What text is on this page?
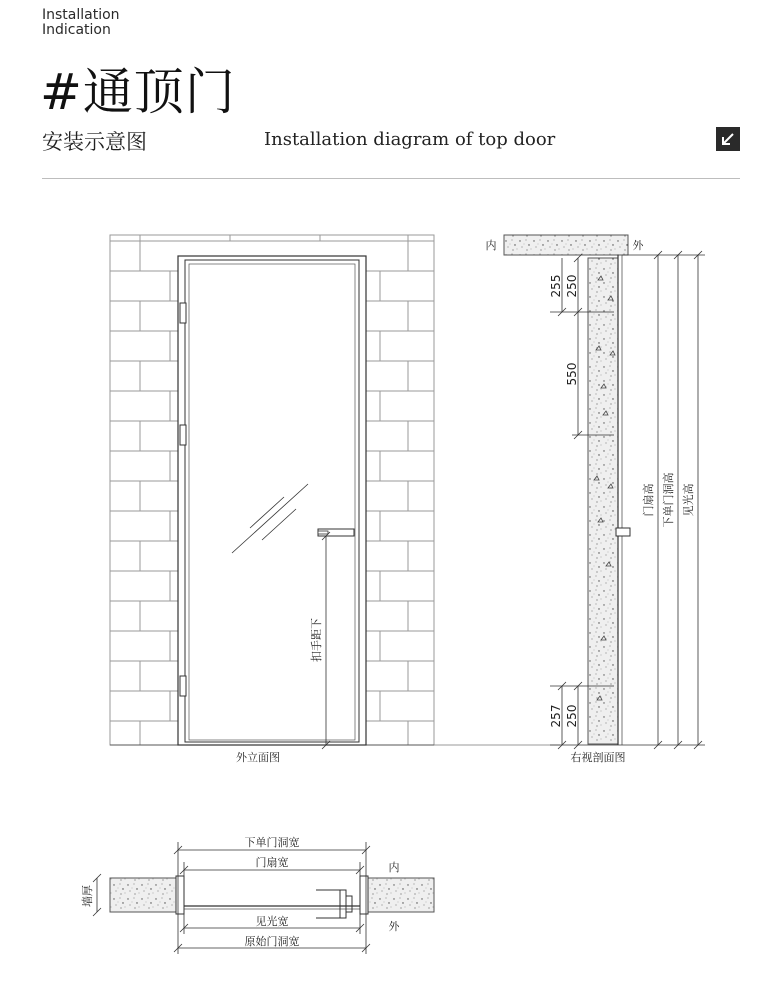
Installation
Indication
#通顶门
安装示意图	Installation diagram of top door
扣手距下
外立面图
内	外
255 250
550
257 250
门扇高 下单门洞高 见光高
右视剖面图
墙厚
下单门洞宽
门扇宽
见光宽
原始门洞宽
内
外
